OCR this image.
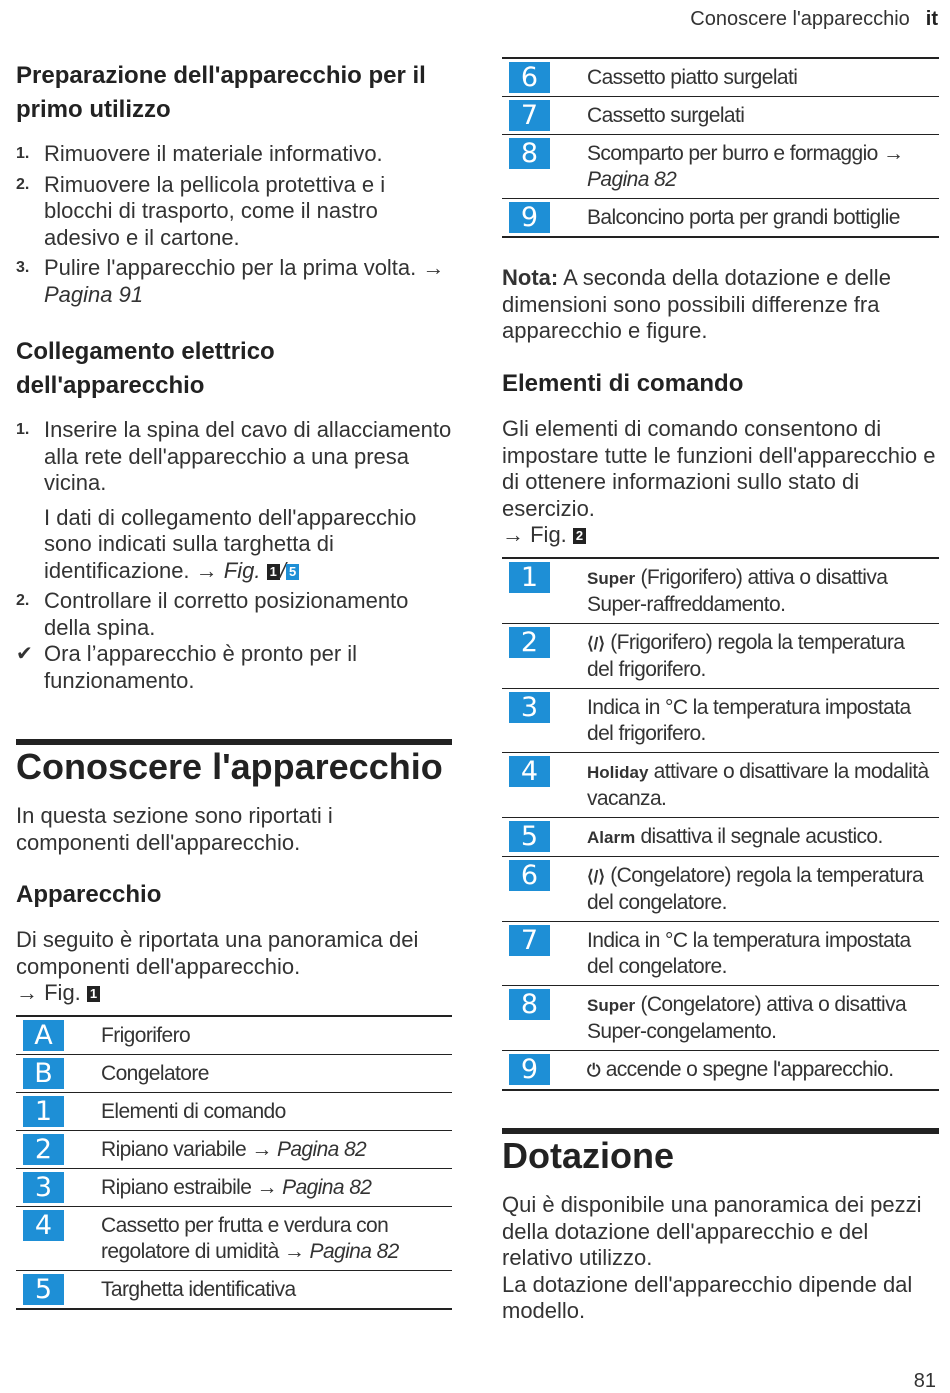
Conoscere l'apparecchio it
Preparazione dell'apparecchio per il primo utilizzo
1. Rimuovere il materiale informativo.
2. Rimuovere la pellicola protettiva e i blocchi di trasporto, come il nastro adesivo e il cartone.
3. Pulire l'apparecchio per la prima volta. → Pagina 91
Collegamento elettrico dell'apparecchio
1. Inserire la spina del cavo di allacciamento alla rete dell'apparecchio a una presa vicina.
I dati di collegamento dell'apparecchio sono indicati sulla targhetta di identificazione. → Fig. 1 / 5
2. Controllare il corretto posizionamento della spina.
✔ Ora l’apparecchio è pronto per il funzionamento.
Conoscere l'apparecchio
In questa sezione sono riportati i componenti dell'apparecchio.
Apparecchio
Di seguito è riportata una panoramica dei componenti dell'apparecchio.
→ Fig. 1
A	Frigorifero

B	Congelatore

1	Elementi di comando

2	Ripiano variabile → Pagina 82

3	Ripiano estraibile → Pagina 82

4	Cassetto per frutta e verdura con regolatore di umidità → Pagina 82

5	Targhetta identificativa
6	Cassetto piatto surgelati

7	Cassetto surgelati

8	Scomparto per burro e formaggio → Pagina 82

9	Balconcino porta per grandi bottiglie
Nota: A seconda della dotazione e delle dimensioni sono possibili differenze fra apparecchio e figure.
Elementi di comando
Gli elementi di comando consentono di impostare tutte le funzioni dell'apparecchio e di ottenere informazioni sullo stato di esercizio.
→ Fig. 2
1	Super (Frigorifero) attiva o disattiva Super-raffreddamento.

2	⟨/⟩ (Frigorifero) regola la temperatura del frigorifero.

3	Indica in °C la temperatura impostata del frigorifero.

4	Holiday attivare o disattivare la modalità vacanza.

5	Alarm disattiva il segnale acustico.

6	⟨/⟩ (Congelatore) regola la temperatura del congelatore.

7	Indica in °C la temperatura impostata del congelatore.

8	Super (Congelatore) attiva o disattiva Super-congelamento.

9	⏻ accende o spegne l'apparecchio.
Dotazione
Qui è disponibile una panoramica dei pezzi della dotazione dell'apparecchio e del relativo utilizzo.
La dotazione dell'apparecchio dipende dal modello.
81
